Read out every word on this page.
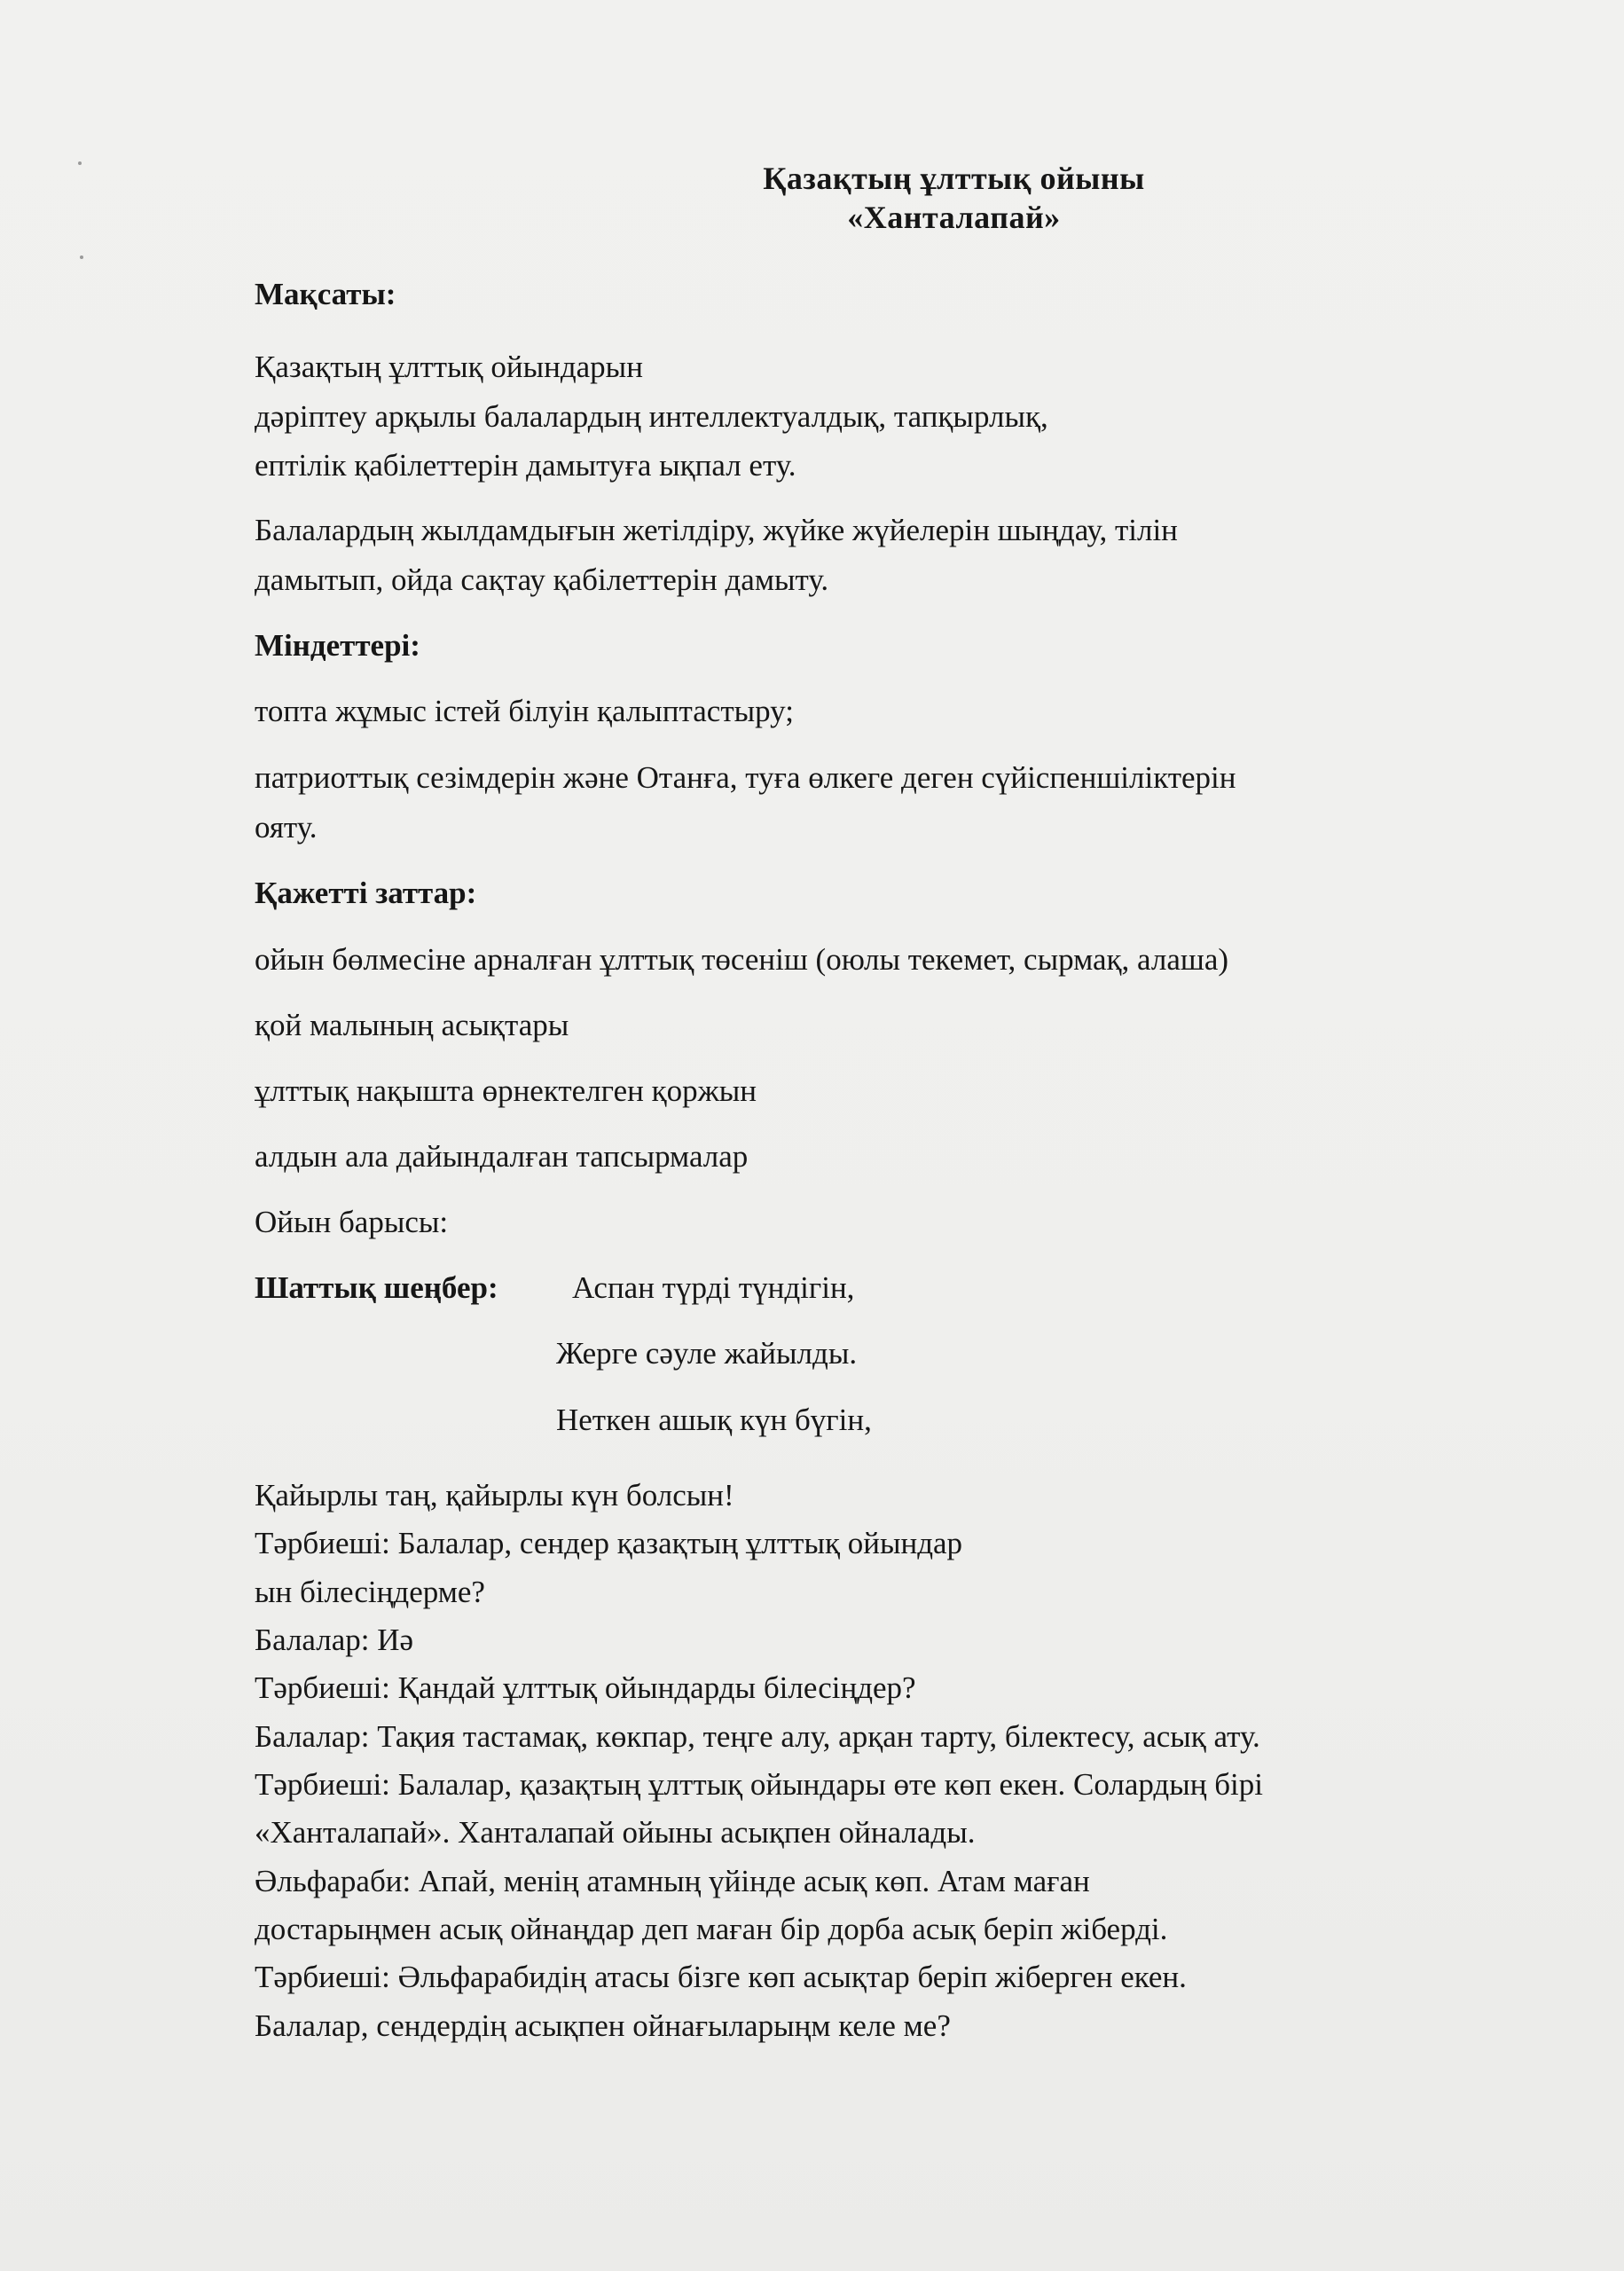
Қазақтың ұлттық ойыны
«Ханталапай»

Мақсаты:

Қазақтың ұлттық ойындарын

дәріптеу арқылы балалардың интеллектуалдық, тапқырлық,

ептілік қабілеттерін дамытуға ықпал ету.

Балалардың жылдамдығын жетілдіру, жүйке жүйелерін шыңдау, тілін

дамытып, ойда сақтау қабілеттерін дамыту.

Міндеттері:

топта жұмыс істей білуін қалыптастыру;

патриоттық сезімдерін және Отанға, туға өлкеге деген сүйіспеншіліктерін

ояту.

Қажетті заттар:

ойын бөлмесіне арналған ұлттық төсеніш (оюлы текемет, сырмақ, алаша)

қой малының асықтары

ұлттық нақышта өрнектелген қоржын

алдын ала дайындалған тапсырмалар

Ойын барысы:

Шаттық шеңбер: Аспан түрді түндігін,

Жерге сәуле жайылды.

Неткен ашық күн бүгін,

Қайырлы таң, қайырлы күн болсын!

Тәрбиеші: Балалар, сендер қазақтың ұлттық ойындар

ын білесіңдерме?

Балалар: Иә

Тәрбиеші: Қандай ұлттық ойындарды білесіңдер?

Балалар: Тақия тастамақ, көкпар, теңге алу, арқан тарту, білектесу, асық ату.

Тәрбиеші: Балалар, қазақтың ұлттық ойындары өте көп екен. Солардың бірі

«Ханталапай». Ханталапай ойыны асықпен ойналады.

Әльфараби: Апай, менің атамның үйінде асық көп. Атам маған

достарыңмен асық ойнаңдар деп маған бір дорба асық беріп жіберді.

Тәрбиеші: Әльфарабидің атасы бізге көп асықтар беріп жіберген екен.

Балалар, сендердің асықпен ойнағыларыңм келе ме?
